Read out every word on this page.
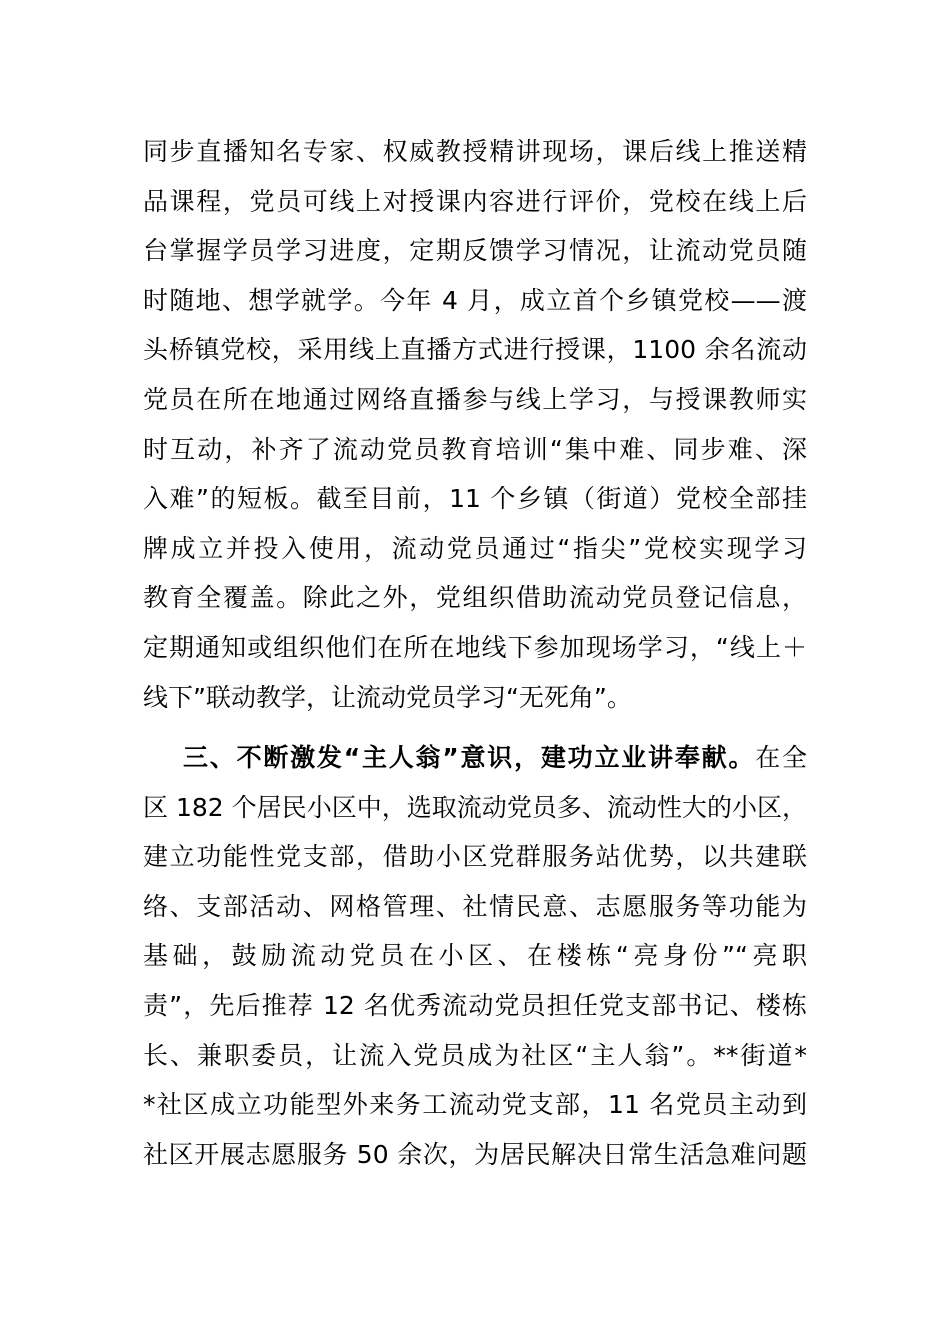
同步直播知名专家、权威教授精讲现场，课后线上推送精
品课程，党员可线上对授课内容进行评价，党校在线上后
台掌握学员学习进度，定期反馈学习情况，让流动党员随
时随地、想学就学。今年 4 月，成立首个乡镇党校——渡
头桥镇党校，采用线上直播方式进行授课，1100 余名流动
党员在所在地通过网络直播参与线上学习，与授课教师实
时互动，补齐了流动党员教育培训“集中难、同步难、深
入难”的短板。截至目前，11 个乡镇（街道）党校全部挂
牌成立并投入使用，流动党员通过“指尖”党校实现学习
教育全覆盖。除此之外，党组织借助流动党员登记信息，
定期通知或组织他们在所在地线下参加现场学习，“线上＋
线下”联动教学，让流动党员学习“无死角”。
三、不断激发“主人翁”意识，建功立业讲奉献。在全
区 182 个居民小区中，选取流动党员多、流动性大的小区，
建立功能性党支部，借助小区党群服务站优势，以共建联
络、支部活动、网格管理、社情民意、志愿服务等功能为
基础，鼓励流动党员在小区、在楼栋“亮身份”“亮职
责”，先后推荐 12 名优秀流动党员担任党支部书记、楼栋
长、兼职委员，让流入党员成为社区“主人翁”。**街道*
*社区成立功能型外来务工流动党支部，11 名党员主动到
社区开展志愿服务 50 余次，为居民解决日常生活急难问题
